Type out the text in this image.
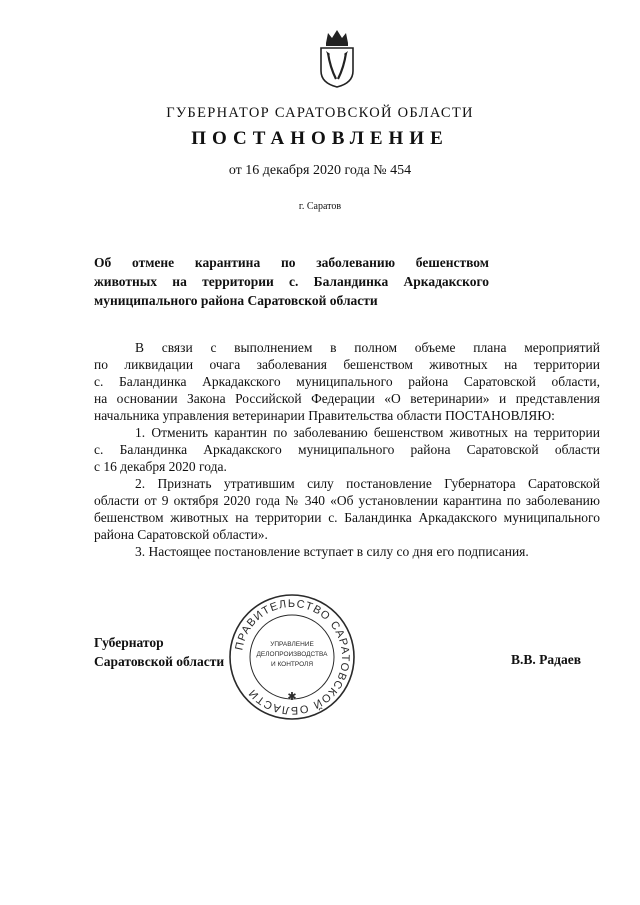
ГУБЕРНАТОР САРАТОВСКОЙ ОБЛАСТИ
ПОСТАНОВЛЕНИЕ
от 16 декабря 2020 года № 454
г. Саратов
Об отмене карантина по заболеванию бешенством
животных на территории с. Баландинка Аркадакского
муниципального района Саратовской области
В связи с выполнением в полном объеме плана мероприятий
по ликвидации очага заболевания бешенством животных на территории
с. Баландинка Аркадакского муниципального района Саратовской области,
на основании Закона Российской Федерации «О ветеринарии» и представления
начальника управления ветеринарии Правительства области ПОСТАНОВЛЯЮ:
1. Отменить карантин по заболеванию бешенством животных на территории
с. Баландинка Аркадакского муниципального района Саратовской области
с 16 декабря 2020 года.
2. Признать утратившим силу постановление Губернатора Саратовской
области от 9 октября 2020 года № 340 «Об установлении карантина по заболеванию
бешенством животных на территории с. Баландинка Аркадакского муниципального
района Саратовской области».
3. Настоящее постановление вступает в силу со дня его подписания.
Губернатор
Саратовской области	В.В. Радаев
ПРАВИТЕЛЬСТВО САРАТОВСКОЙ ОБЛАСТИ
УПРАВЛЕНИЕ
ДЕЛОПРОИЗВОДСТВА
И КОНТРОЛЯ
✱
